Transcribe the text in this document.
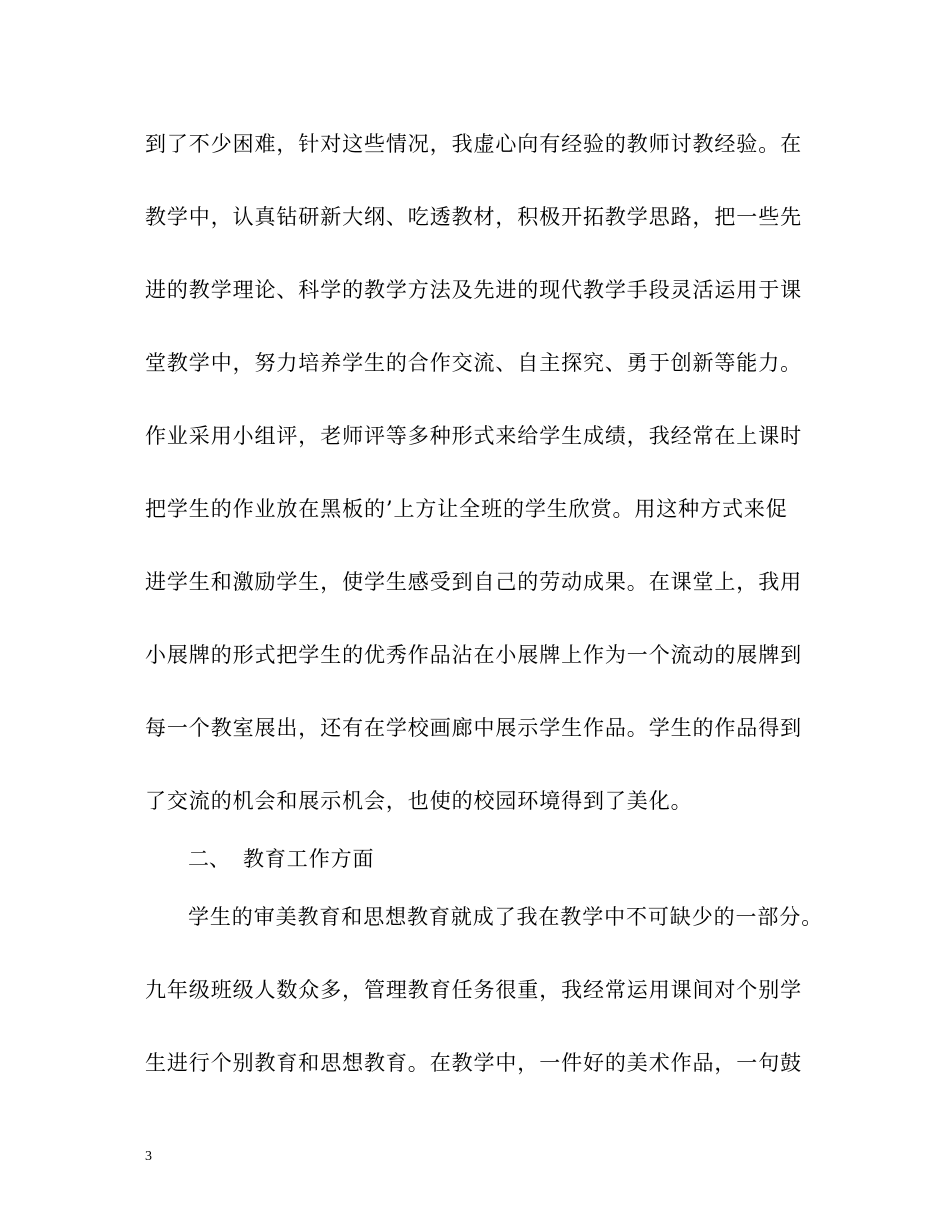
到了不少困难，针对这些情况，我虚心向有经验的教师讨教经验。在
教学中，认真钻研新大纲、吃透教材，积极开拓教学思路，把一些先
进的教学理论、科学的教学方法及先进的现代教学手段灵活运用于课
堂教学中，努力培养学生的合作交流、自主探究、勇于创新等能力。
作业采用小组评，老师评等多种形式来给学生成绩，我经常在上课时
把学生的作业放在黑板的’上方让全班的学生欣赏。用这种方式来促
进学生和激励学生，使学生感受到自己的劳动成果。在课堂上，我用
小展牌的形式把学生的优秀作品沾在小展牌上作为一个流动的展牌到
每一个教室展出，还有在学校画廊中展示学生作品。学生的作品得到
了交流的机会和展示机会，也使的校园环境得到了美化。
二、 教育工作方面
学生的审美教育和思想教育就成了我在教学中不可缺少的一部分。
九年级班级人数众多，管理教育任务很重，我经常运用课间对个别学
生进行个别教育和思想教育。在教学中，一件好的美术作品，一句鼓
3
